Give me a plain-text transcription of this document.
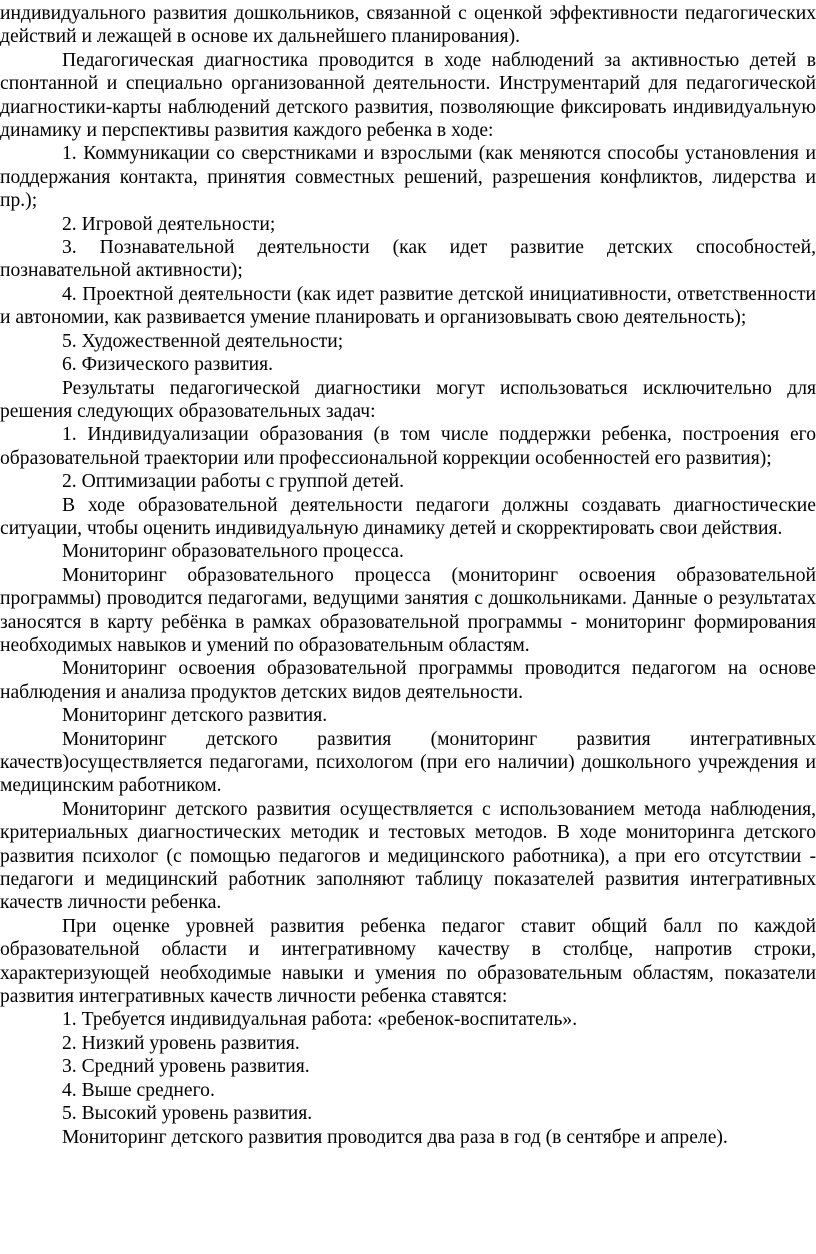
индивидуального развития дошкольников, связанной с оценкой эффективности педагогических действий и лежащей в основе их дальнейшего планирования).

Педагогическая диагностика проводится в ходе наблюдений за активностью детей в спонтанной и специально организованной деятельности. Инструментарий для педагогической диагностики-карты наблюдений детского развития, позволяющие фиксировать индивидуальную динамику и перспективы развития каждого ребенка в ходе:

1. Коммуникации со сверстниками и взрослыми (как меняются способы установления и поддержания контакта, принятия совместных решений, разрешения конфликтов, лидерства и пр.);

2. Игровой деятельности;

3. Познавательной деятельности (как идет развитие детских способностей, познавательной активности);

4. Проектной деятельности (как идет развитие детской инициативности, ответственности и автономии, как развивается умение планировать и организовывать свою деятельность);

5. Художественной деятельности;

6. Физического развития.

Результаты педагогической диагностики могут использоваться исключительно для решения следующих образовательных задач:

1. Индивидуализации образования (в том числе поддержки ребенка, построения его образовательной траектории или профессиональной коррекции особенностей его развития);

2. Оптимизации работы с группой детей.

В ходе образовательной деятельности педагоги должны создавать диагностические ситуации, чтобы оценить индивидуальную динамику детей и скорректировать свои действия.

Мониторинг образовательного процесса.

Мониторинг образовательного процесса (мониторинг освоения образовательной программы) проводится педагогами, ведущими занятия с дошкольниками. Данные о результатах заносятся в карту ребёнка в рамках образовательной программы - мониторинг формирования необходимых навыков и умений по образовательным областям.

Мониторинг освоения образовательной программы проводится педагогом на основе наблюдения и анализа продуктов детских видов деятельности.

Мониторинг детского развития.

Мониторинг детского развития (мониторинг развития интегративных качеств)осуществляется педагогами, психологом (при его наличии) дошкольного учреждения и медицинским работником.

Мониторинг детского развития осуществляется с использованием метода наблюдения, критериальных диагностических методик и тестовых методов. В ходе мониторинга детского развития психолог (с помощью педагогов и медицинского работника), а при его отсутствии - педагоги и медицинский работник заполняют таблицу показателей развития интегративных качеств личности ребенка.

При оценке уровней развития ребенка педагог ставит общий балл по каждой образовательной области и интегративному качеству в столбце, напротив строки, характеризующей необходимые навыки и умения по образовательным областям, показатели развития интегративных качеств личности ребенка ставятся:

1. Требуется индивидуальная работа: «ребенок-воспитатель».

2. Низкий уровень развития.

3. Средний уровень развития.

4. Выше среднего.

5. Высокий уровень развития.

Мониторинг детского развития проводится два раза в год (в сентябре и апреле).
